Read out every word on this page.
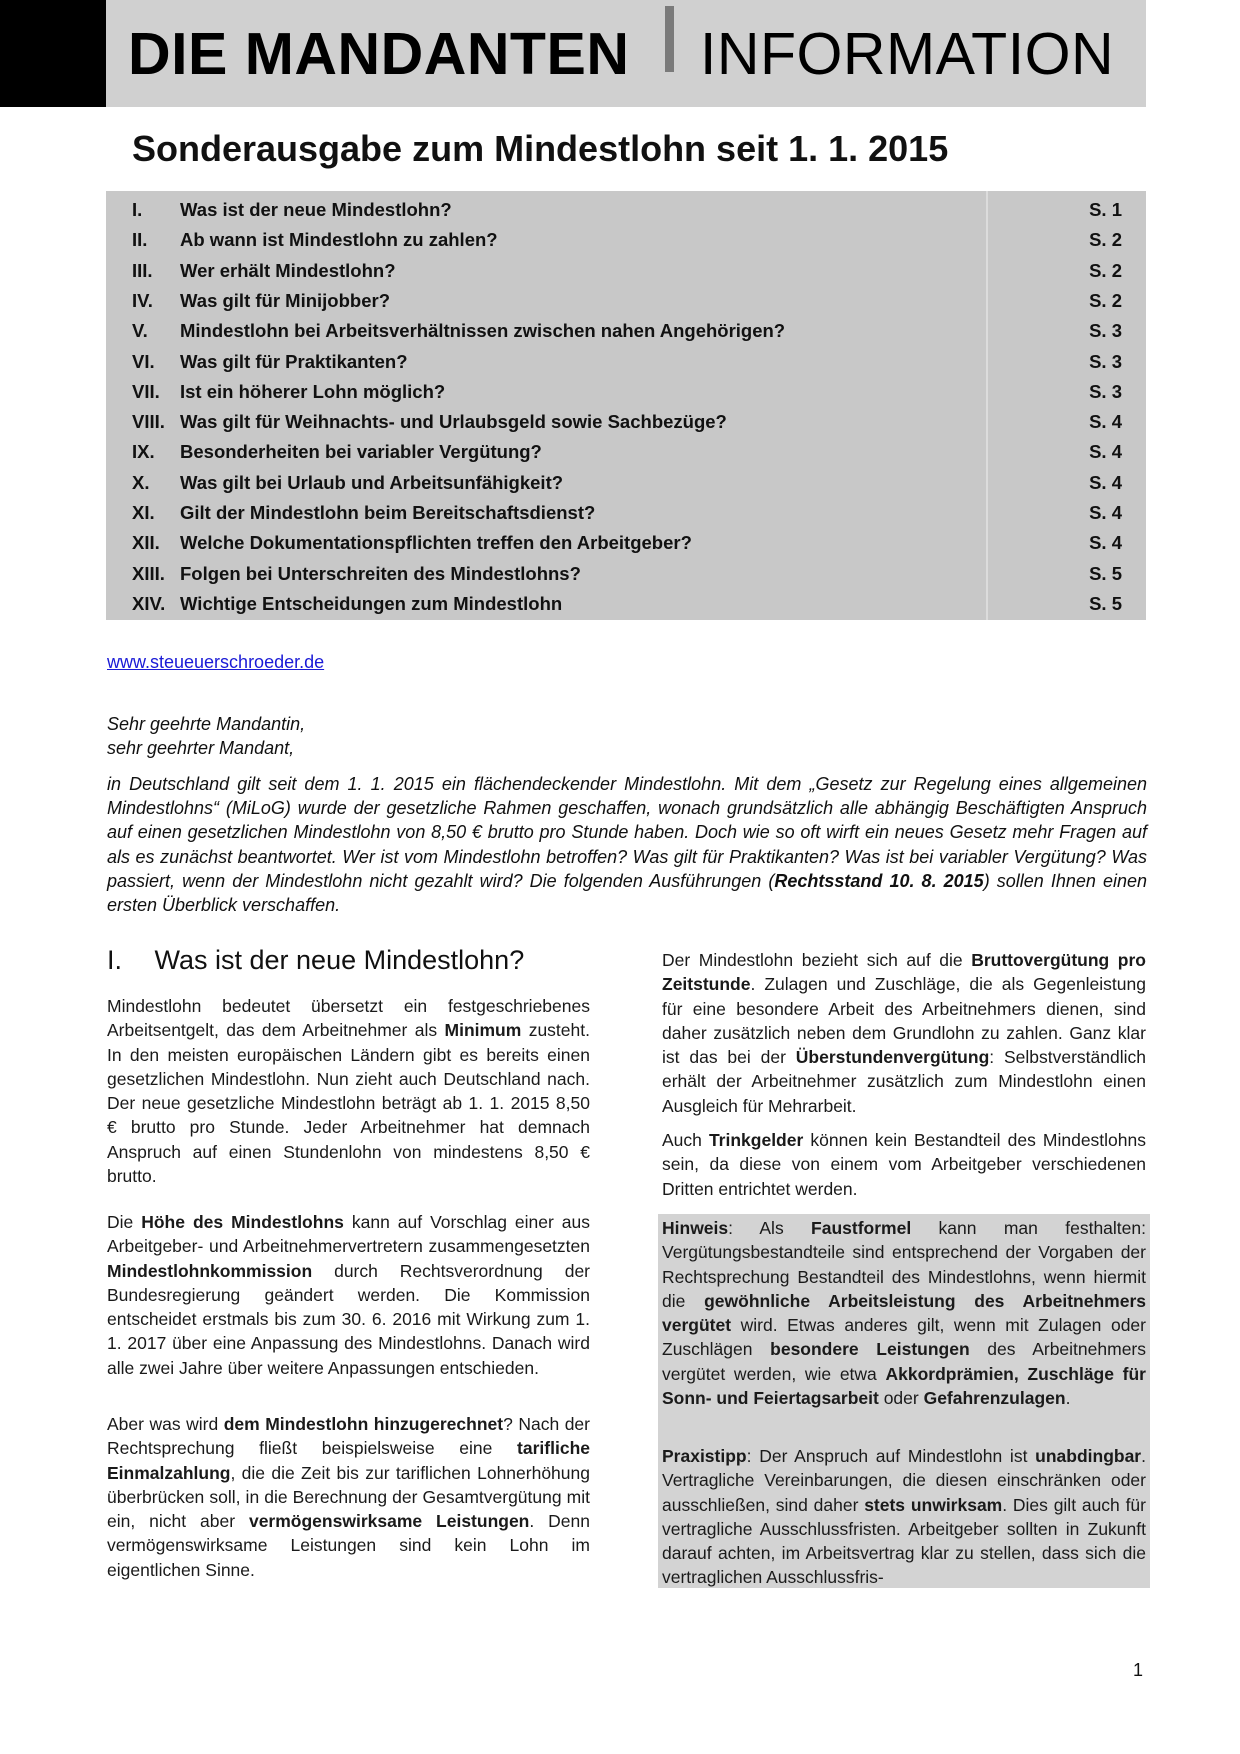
DIE MANDANTEN INFORMATION
Sonderausgabe zum Mindestlohn seit 1. 1. 2015
I. Was ist der neue Mindestlohn?	S. 1
II. Ab wann ist Mindestlohn zu zahlen?	S. 2
III. Wer erhält Mindestlohn?	S. 2
IV. Was gilt für Minijobber?	S. 2
V. Mindestlohn bei Arbeitsverhältnissen zwischen nahen Angehörigen?	S. 3
VI. Was gilt für Praktikanten?	S. 3
VII. Ist ein höherer Lohn möglich?	S. 3
VIII. Was gilt für Weihnachts- und Urlaubsgeld sowie Sachbezüge?	S. 4
IX. Besonderheiten bei variabler Vergütung?	S. 4
X. Was gilt bei Urlaub und Arbeitsunfähigkeit?	S. 4
XI. Gilt der Mindestlohn beim Bereitschaftsdienst?	S. 4
XII. Welche Dokumentationspflichten treffen den Arbeitgeber?	S. 4
XIII. Folgen bei Unterschreiten des Mindestlohns?	S. 5
XIV. Wichtige Entscheidungen zum Mindestlohn	S. 5
www.steueuerschroeder.de
Sehr geehrte Mandantin,
sehr geehrter Mandant,
in Deutschland gilt seit dem 1. 1. 2015 ein flächendeckender Mindestlohn. Mit dem „Gesetz zur Regelung eines allgemeinen Mindestlohns“ (MiLoG) wurde der gesetzliche Rahmen geschaffen, wonach grundsätzlich alle abhängig Beschäftigten Anspruch auf einen gesetzlichen Mindestlohn von 8,50 € brutto pro Stunde haben. Doch wie so oft wirft ein neues Gesetz mehr Fragen auf als es zunächst beantwortet. Wer ist vom Mindestlohn betroffen? Was gilt für Praktikanten? Was ist bei variabler Vergütung? Was passiert, wenn der Mindestlohn nicht gezahlt wird? Die folgenden Ausführungen (Rechtsstand 10. 8. 2015) sollen Ihnen einen ersten Überblick verschaffen.
I. Was ist der neue Mindestlohn?

Mindestlohn bedeutet übersetzt ein festgeschriebenes Arbeitsentgelt, das dem Arbeitnehmer als Minimum zusteht. In den meisten europäischen Ländern gibt es bereits einen gesetzlichen Mindestlohn. Nun zieht auch Deutschland nach. Der neue gesetzliche Mindestlohn beträgt ab 1. 1. 2015 8,50 € brutto pro Stunde. Jeder Arbeitnehmer hat demnach Anspruch auf einen Stundenlohn von mindestens 8,50 € brutto.

Die Höhe des Mindestlohns kann auf Vorschlag einer aus Arbeitgeber- und Arbeitnehmervertretern zusammengesetzten Mindestlohnkommission durch Rechtsverordnung der Bundesregierung geändert werden. Die Kommission entscheidet erstmals bis zum 30. 6. 2016 mit Wirkung zum 1. 1. 2017 über eine Anpassung des Mindestlohns. Danach wird alle zwei Jahre über weitere Anpassungen entschieden.

Aber was wird dem Mindestlohn hinzugerechnet? Nach der Rechtsprechung fließt beispielsweise eine tarifliche Einmalzahlung, die die Zeit bis zur tariflichen Lohnerhöhung überbrücken soll, in die Berechnung der Gesamtvergütung mit ein, nicht aber vermögenswirksame Leistungen. Denn vermögenswirksame Leistungen sind kein Lohn im eigentlichen Sinne.

Der Mindestlohn bezieht sich auf die Bruttovergütung pro Zeitstunde. Zulagen und Zuschläge, die als Gegenleistung für eine besondere Arbeit des Arbeitnehmers dienen, sind daher zusätzlich neben dem Grundlohn zu zahlen. Ganz klar ist das bei der Überstundenvergütung: Selbstverständlich erhält der Arbeitnehmer zusätzlich zum Mindestlohn einen Ausgleich für Mehrarbeit.

Auch Trinkgelder können kein Bestandteil des Mindestlohns sein, da diese von einem vom Arbeitgeber verschiedenen Dritten entrichtet werden.

Hinweis: Als Faustformel kann man festhalten: Vergütungsbestandteile sind entsprechend der Vorgaben der Rechtsprechung Bestandteil des Mindestlohns, wenn hiermit die gewöhnliche Arbeitsleistung des Arbeitnehmers vergütet wird. Etwas anderes gilt, wenn mit Zulagen oder Zuschlägen besondere Leistungen des Arbeitnehmers vergütet werden, wie etwa Akkordprämien, Zuschläge für Sonn- und Feiertagsarbeit oder Gefahrenzulagen.

Praxistipp: Der Anspruch auf Mindestlohn ist unabdingbar. Vertragliche Vereinbarungen, die diesen einschränken oder ausschließen, sind daher stets unwirksam. Dies gilt auch für vertragliche Ausschlussfristen. Arbeitgeber sollten in Zukunft darauf achten, im Arbeitsvertrag klar zu stellen, dass sich die vertraglichen Ausschlussfris-

1
